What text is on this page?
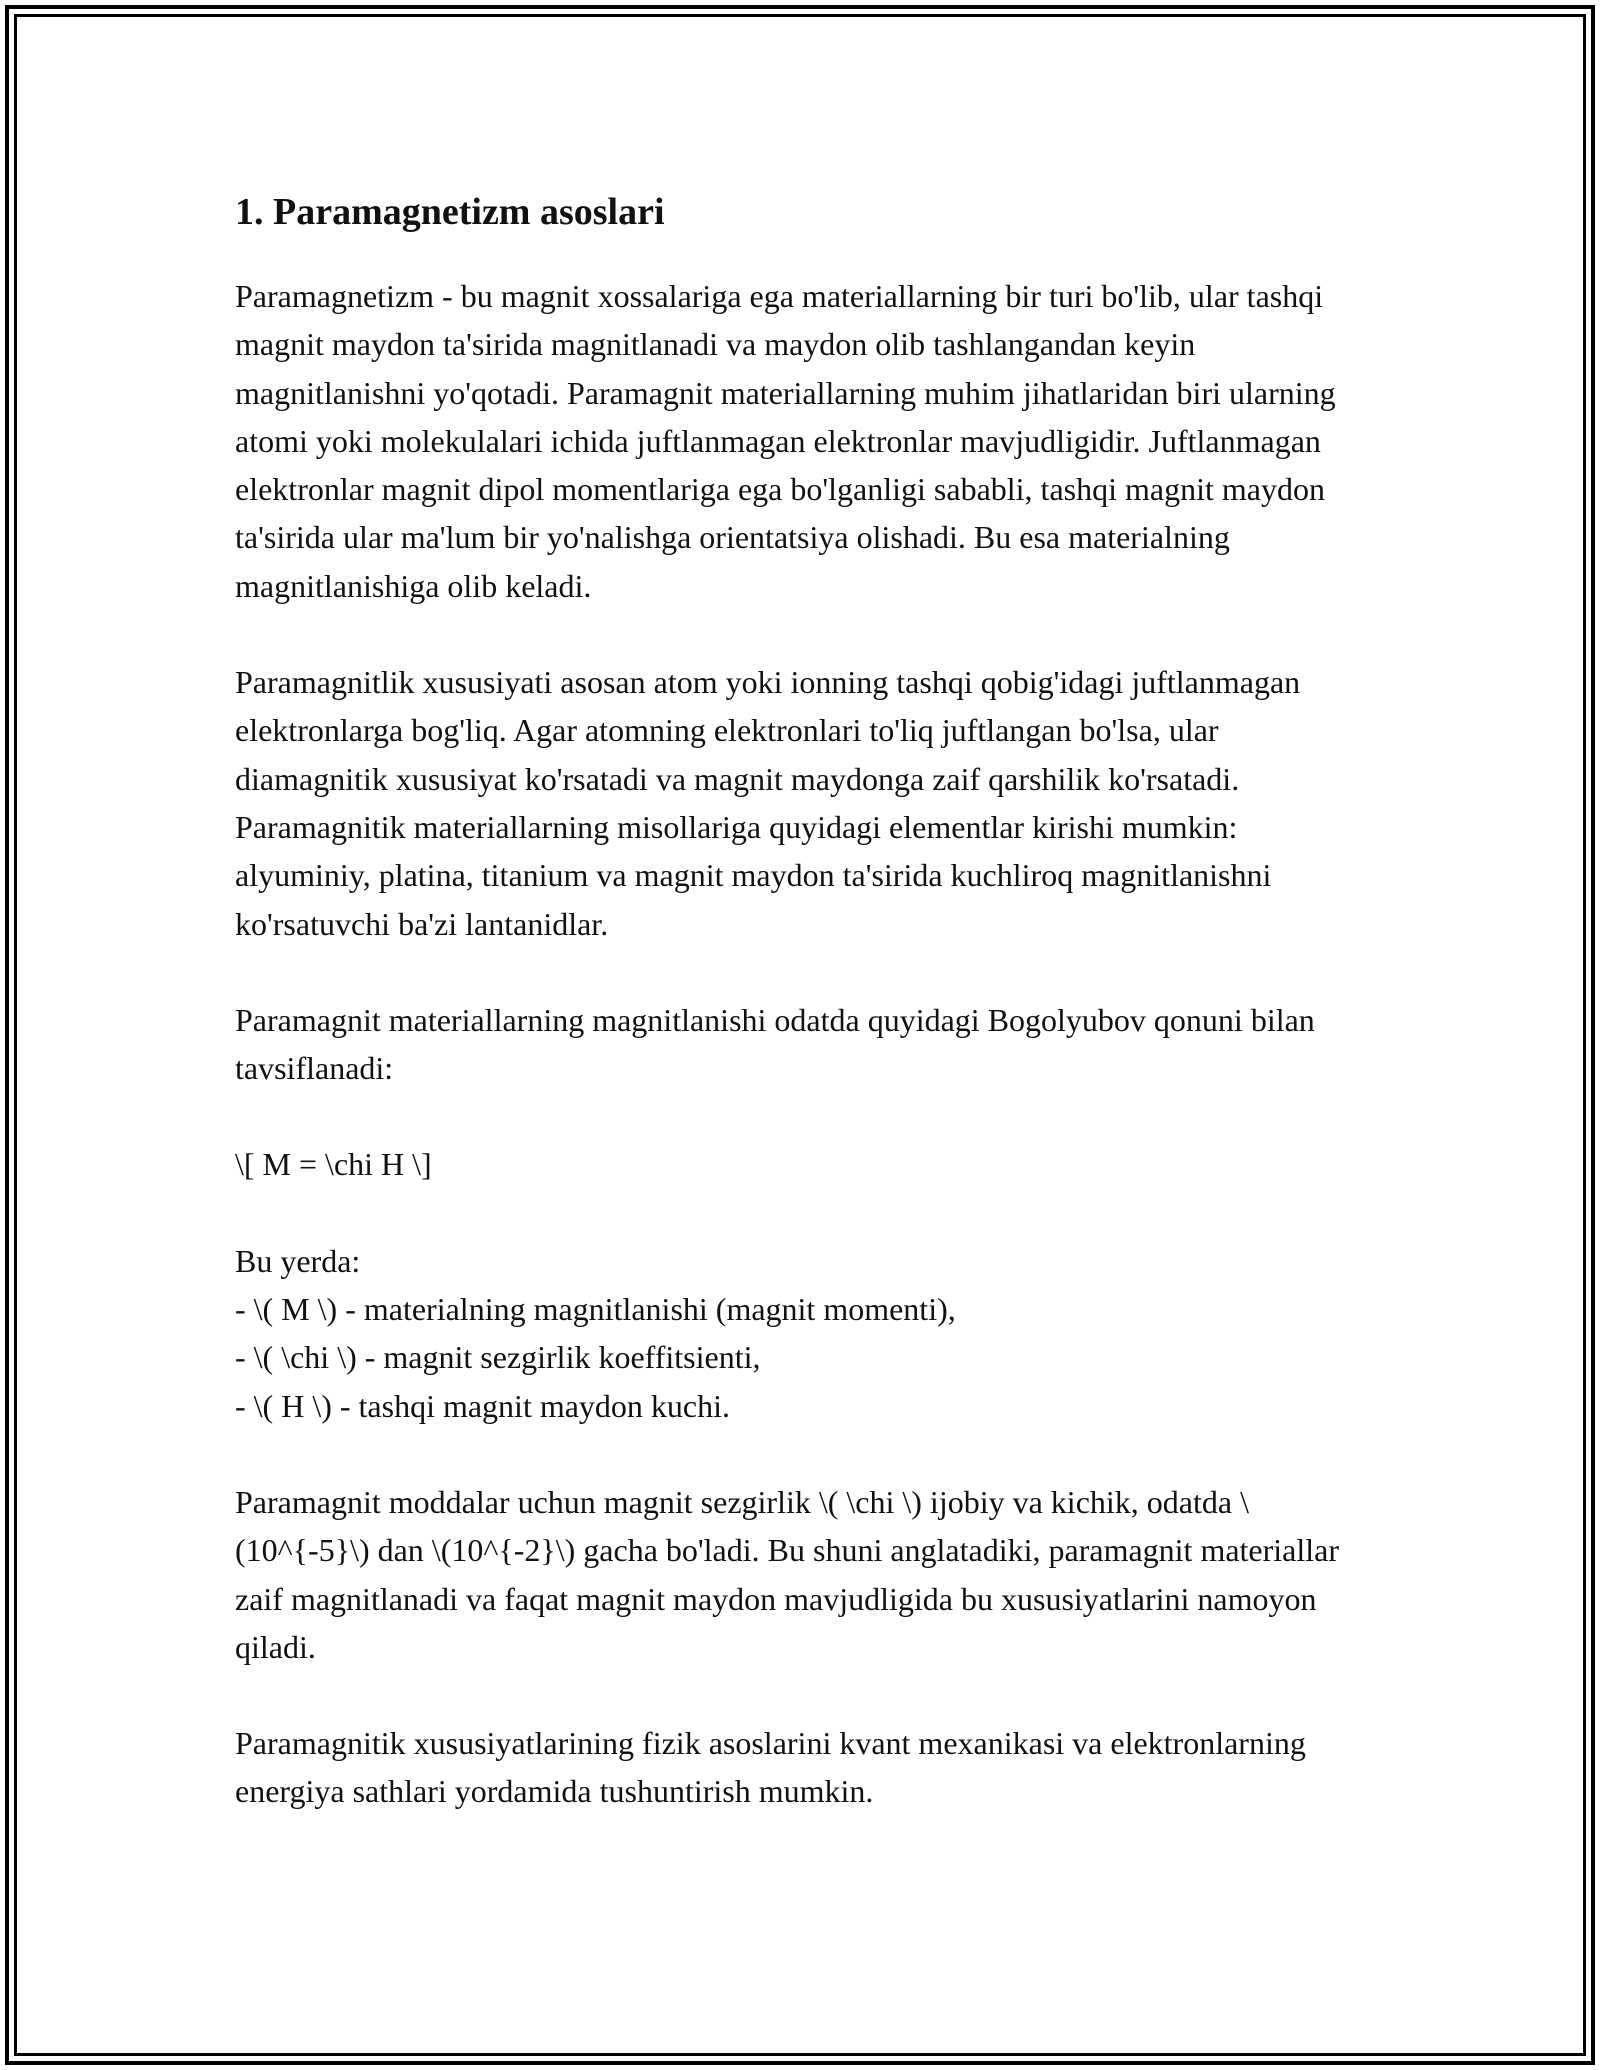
1. Paramagnetizm asoslari

Paramagnetizm - bu magnit xossalariga ega materiallarning bir turi bo'lib, ular tashqi magnit maydon ta'sirida magnitlanadi va maydon olib tashlangandan keyin magnitlanishni yo'qotadi. Paramagnit materiallarning muhim jihatlaridan biri ularning atomi yoki molekulalari ichida juftlanmagan elektronlar mavjudligidir. Juftlanmagan elektronlar magnit dipol momentlariga ega bo'lganligi sababli, tashqi magnit maydon ta'sirida ular ma'lum bir yo'nalishga orientatsiya olishadi. Bu esa materialning magnitlanishiga olib keladi.

Paramagnitlik xususiyati asosan atom yoki ionning tashqi qobig'idagi juftlanmagan elektronlarga bog'liq. Agar atomning elektronlari to'liq juftlangan bo'lsa, ular diamagnitik xususiyat ko'rsatadi va magnit maydonga zaif qarshilik ko'rsatadi. Paramagnitik materiallarning misollariga quyidagi elementlar kirishi mumkin: alyuminiy, platina, titanium va magnit maydon ta'sirida kuchliroq magnitlanishni ko'rsatuvchi ba'zi lantanidlar.

Paramagnit materiallarning magnitlanishi odatda quyidagi Bogolyubov qonuni bilan tavsiflanadi:

\[ M = \chi H \]

Bu yerda:
- \( M \) - materialning magnitlanishi (magnit momenti),
- \( \chi \) - magnit sezgirlik koeffitsienti,
- \( H \) - tashqi magnit maydon kuchi.

Paramagnit moddalar uchun magnit sezgirlik \( \chi \) ijobiy va kichik, odatda \(10^{-5}\) dan \(10^{-2}\) gacha bo'ladi. Bu shuni anglatadiki, paramagnit materiallar zaif magnitlanadi va faqat magnit maydon mavjudligida bu xususiyatlarini namoyon qiladi.

Paramagnitik xususiyatlarining fizik asoslarini kvant mexanikasi va elektronlarning energiya sathlari yordamida tushuntirish mumkin.
